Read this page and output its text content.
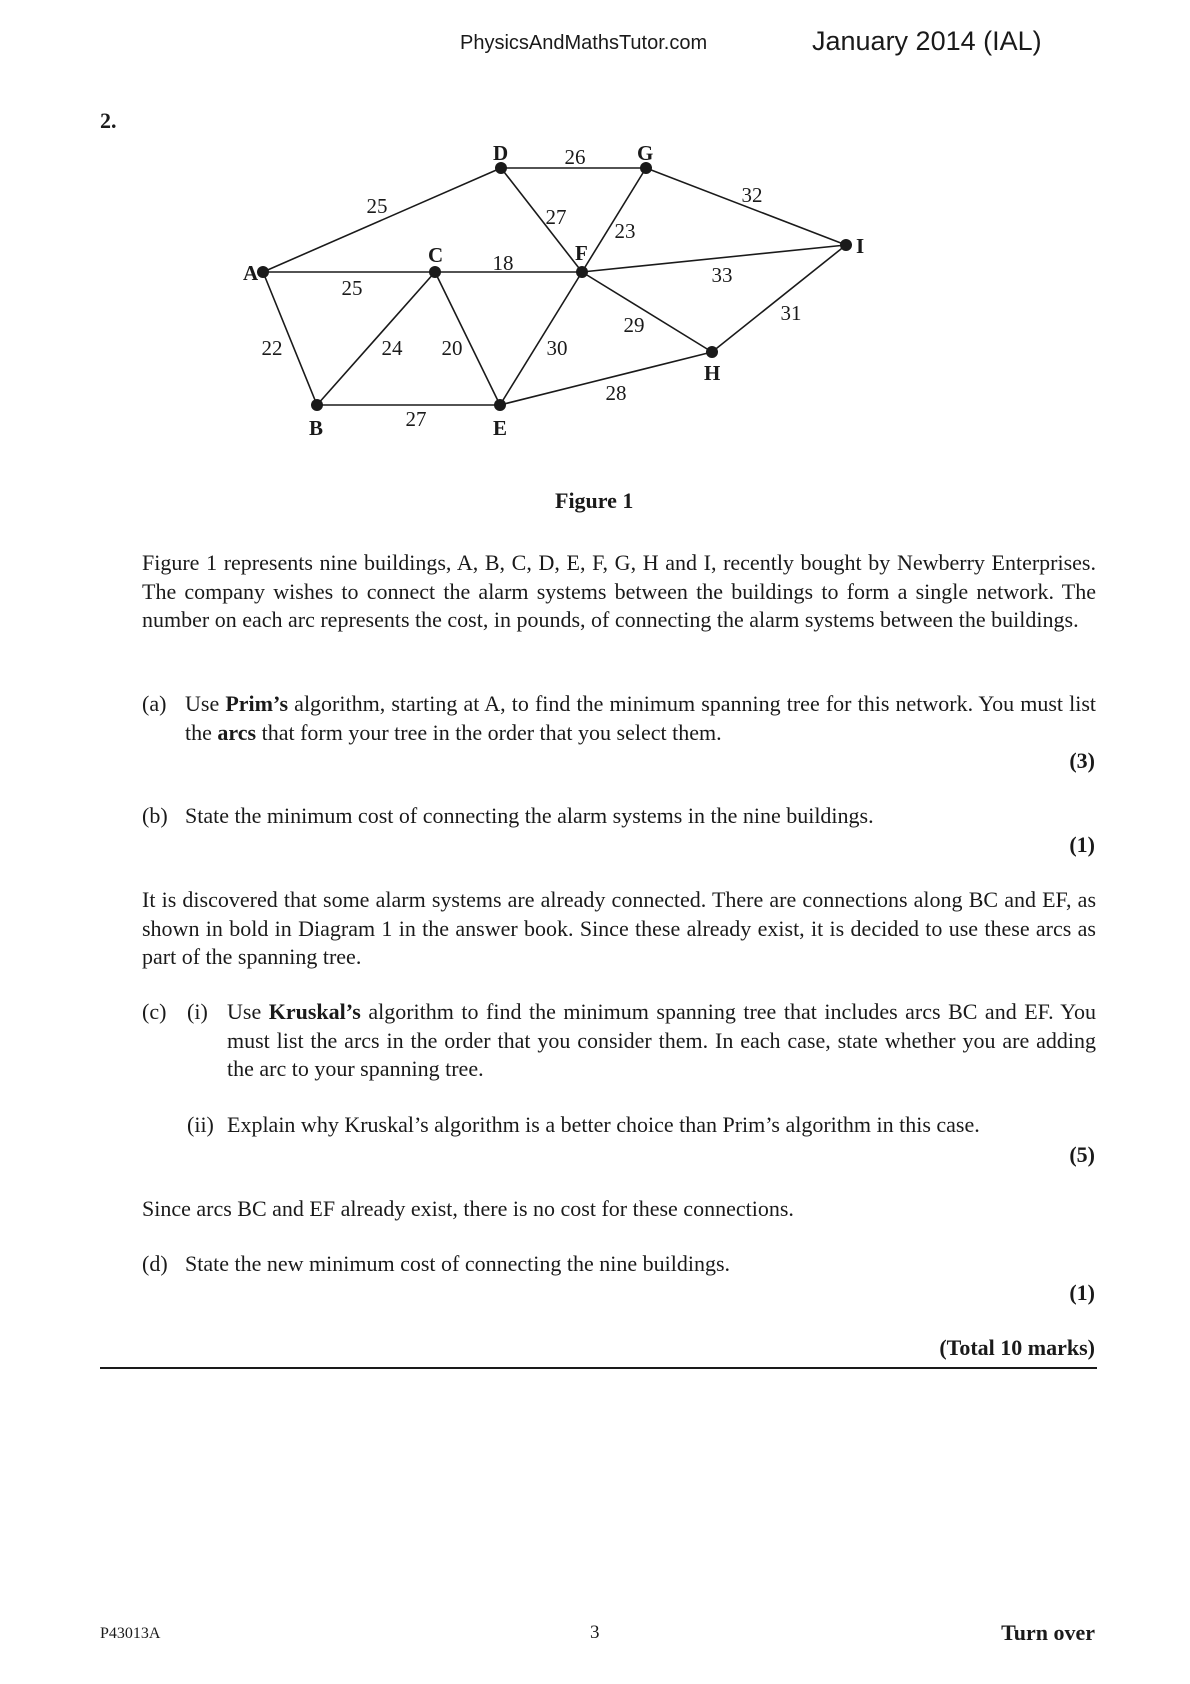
PhysicsAndMathsTutor.com	January 2014 (IAL)
2.
25
25
22
18
24 20
27
26
27
23
32
33
29
30
31
28
A
B
C
D
E
F
G
H
I
Figure 1
Figure 1 represents nine buildings, A, B, C, D, E, F, G, H and I, recently bought by Newberry Enterprises. The company wishes to connect the alarm systems between the buildings to form a single network. The number on each arc represents the cost, in pounds, of connecting the alarm systems between the buildings.
(a) Use Prim’s algorithm, starting at A, to find the minimum spanning tree for this network. You must list the arcs that form your tree in the order that you select them.
(3)
(b) State the minimum cost of connecting the alarm systems in the nine buildings.
(1)
It is discovered that some alarm systems are already connected. There are connections along BC and EF, as shown in bold in Diagram 1 in the answer book. Since these already exist, it is decided to use these arcs as part of the spanning tree.
(c) (i) Use Kruskal’s algorithm to find the minimum spanning tree that includes arcs BC and EF. You must list the arcs in the order that you consider them. In each case, state whether you are adding the arc to your spanning tree.
(ii) Explain why Kruskal’s algorithm is a better choice than Prim’s algorithm in this case.
(5)
Since arcs BC and EF already exist, there is no cost for these connections.
(d) State the new minimum cost of connecting the nine buildings.
(1)
(Total 10 marks)
P43013A	3	Turn over
